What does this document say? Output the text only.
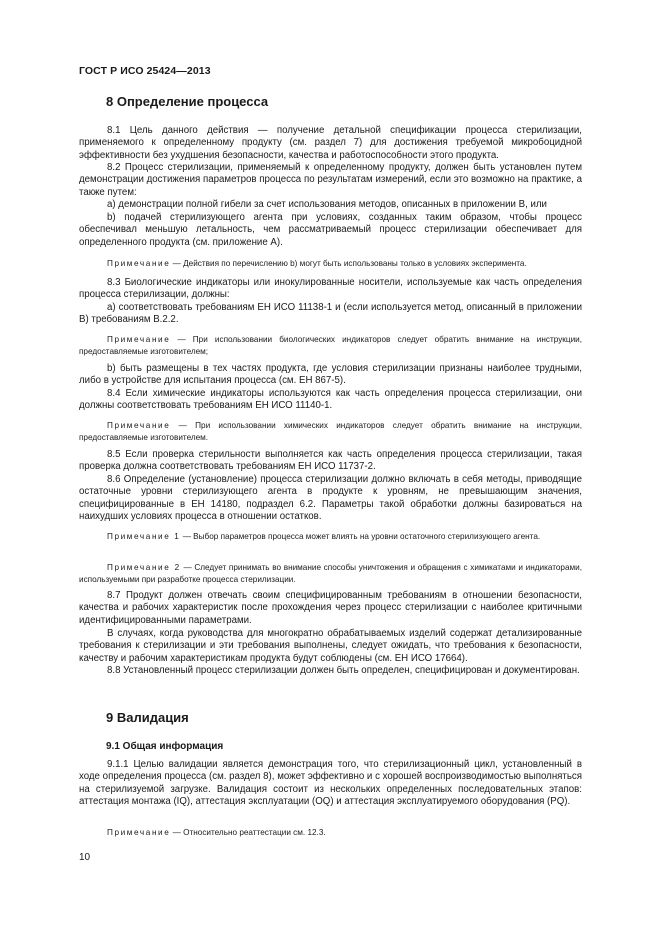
ГОСТ Р ИСО 25424—2013
8 Определение процесса

8.1 Цель данного действия — получение детальной спецификации процесса стерилизации, применяемого к определенному продукту (см. раздел 7) для достижения требуемой микробоцидной эффективности без ухудшения безопасности, качества и работоспособности этого продукта.

8.2 Процесс стерилизации, применяемый к определенному продукту, должен быть установлен путем демонстрации достижения параметров процесса по результатам измерений, если это возможно на практике, а также путем:

а) демонстрации полной гибели за счет использования методов, описанных в приложении В, или

b) подачей стерилизующего агента при условиях, созданных таким образом, чтобы процесс обеспечивал меньшую летальность, чем рассматриваемый процесс стерилизации обеспечивает для определенного продукта (см. приложение А).

Примечание — Действия по перечислению b) могут быть использованы только в условиях эксперимента.

8.3 Биологические индикаторы или инокулированные носители, используемые как часть определения процесса стерилизации, должны:

а) соответствовать требованиям ЕН ИСО 11138-1 и (если используется метод, описанный в приложении В) требованиям В.2.2.

Примечание — При использовании биологических индикаторов следует обратить внимание на инструкции, предоставляемые изготовителем;

b) быть размещены в тех частях продукта, где условия стерилизации признаны наиболее трудными, либо в устройстве для испытания процесса (см. ЕН 867-5).

8.4 Если химические индикаторы используются как часть определения процесса стерилизации, они должны соответствовать требованиям ЕН ИСО 11140-1.

Примечание — При использовании химических индикаторов следует обратить внимание на инструкции, предоставляемые изготовителем.

8.5 Если проверка стерильности выполняется как часть определения процесса стерилизации, такая проверка должна соответствовать требованиям ЕН ИСО 11737-2.

8.6 Определение (установление) процесса стерилизации должно включать в себя методы, приводящие остаточные уровни стерилизующего агента в продукте к уровням, не превышающим значения, специфицированные в ЕН 14180, подраздел 6.2. Параметры такой обработки должны базироваться на наихудших условиях процесса в отношении остатков.

Примечание 1 — Выбор параметров процесса может влиять на уровни остаточного стерилизующего агента.

Примечание 2 — Следует принимать во внимание способы уничтожения и обращения с химикатами и индикаторами, используемыми при разработке процесса стерилизации.

8.7 Продукт должен отвечать своим специфицированным требованиям в отношении безопасности, качества и рабочих характеристик после прохождения через процесс стерилизации с наиболее критичными идентифицированными параметрами.

В случаях, когда руководства для многократно обрабатываемых изделий содержат детализированные требования к стерилизации и эти требования выполнены, следует ожидать, что требования к безопасности, качеству и рабочим характеристикам продукта будут соблюдены (см. ЕН ИСО 17664).

8.8 Установленный процесс стерилизации должен быть определен, специфицирован и документирован.

9 Валидация
9.1 Общая информация

9.1.1 Целью валидации является демонстрация того, что стерилизационный цикл, установленный в ходе определения процесса (см. раздел 8), может эффективно и с хорошей воспроизводимостью выполняться на стерилизуемой загрузке. Валидация состоит из нескольких определенных последовательных этапов: аттестация монтажа (IQ), аттестация эксплуатации (OQ) и аттестация эксплуатируемого оборудования (PQ).

Примечание — Относительно реаттестации см. 12.3.

10
